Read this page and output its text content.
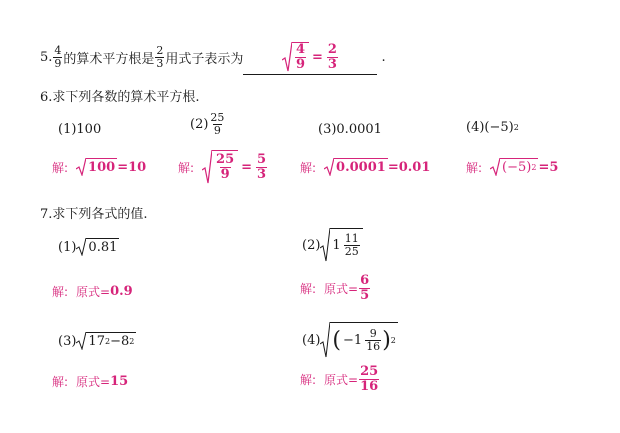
5. $\frac{4}{9}$ 的算术平方根是 $\frac{2}{3}$ 用式子表示为	$\frac{4}{9} = \frac{2}{3}$	.
6.求下列各数的算术平方根.
(1)100	$(2) \frac{25}{9}$	(3)0.0001	(4)(−5) 2
解: 100 =10	解: $\frac{25}{9} = \frac{5}{3}$	解: 0.0001 =0.01	解: (−5) 2 =5
7.求下列各式的值.
(1) 0.81	(2) $1 \frac{11}{25}$
解: 原式= 0.9	解: 原式= $\frac{6}{5}$
(3) 17 2 −8 2	(4) ( $-1 \frac{9}{16}$ ) 2
解: 原式= 15	解: 原式= $\frac{25}{16}$
